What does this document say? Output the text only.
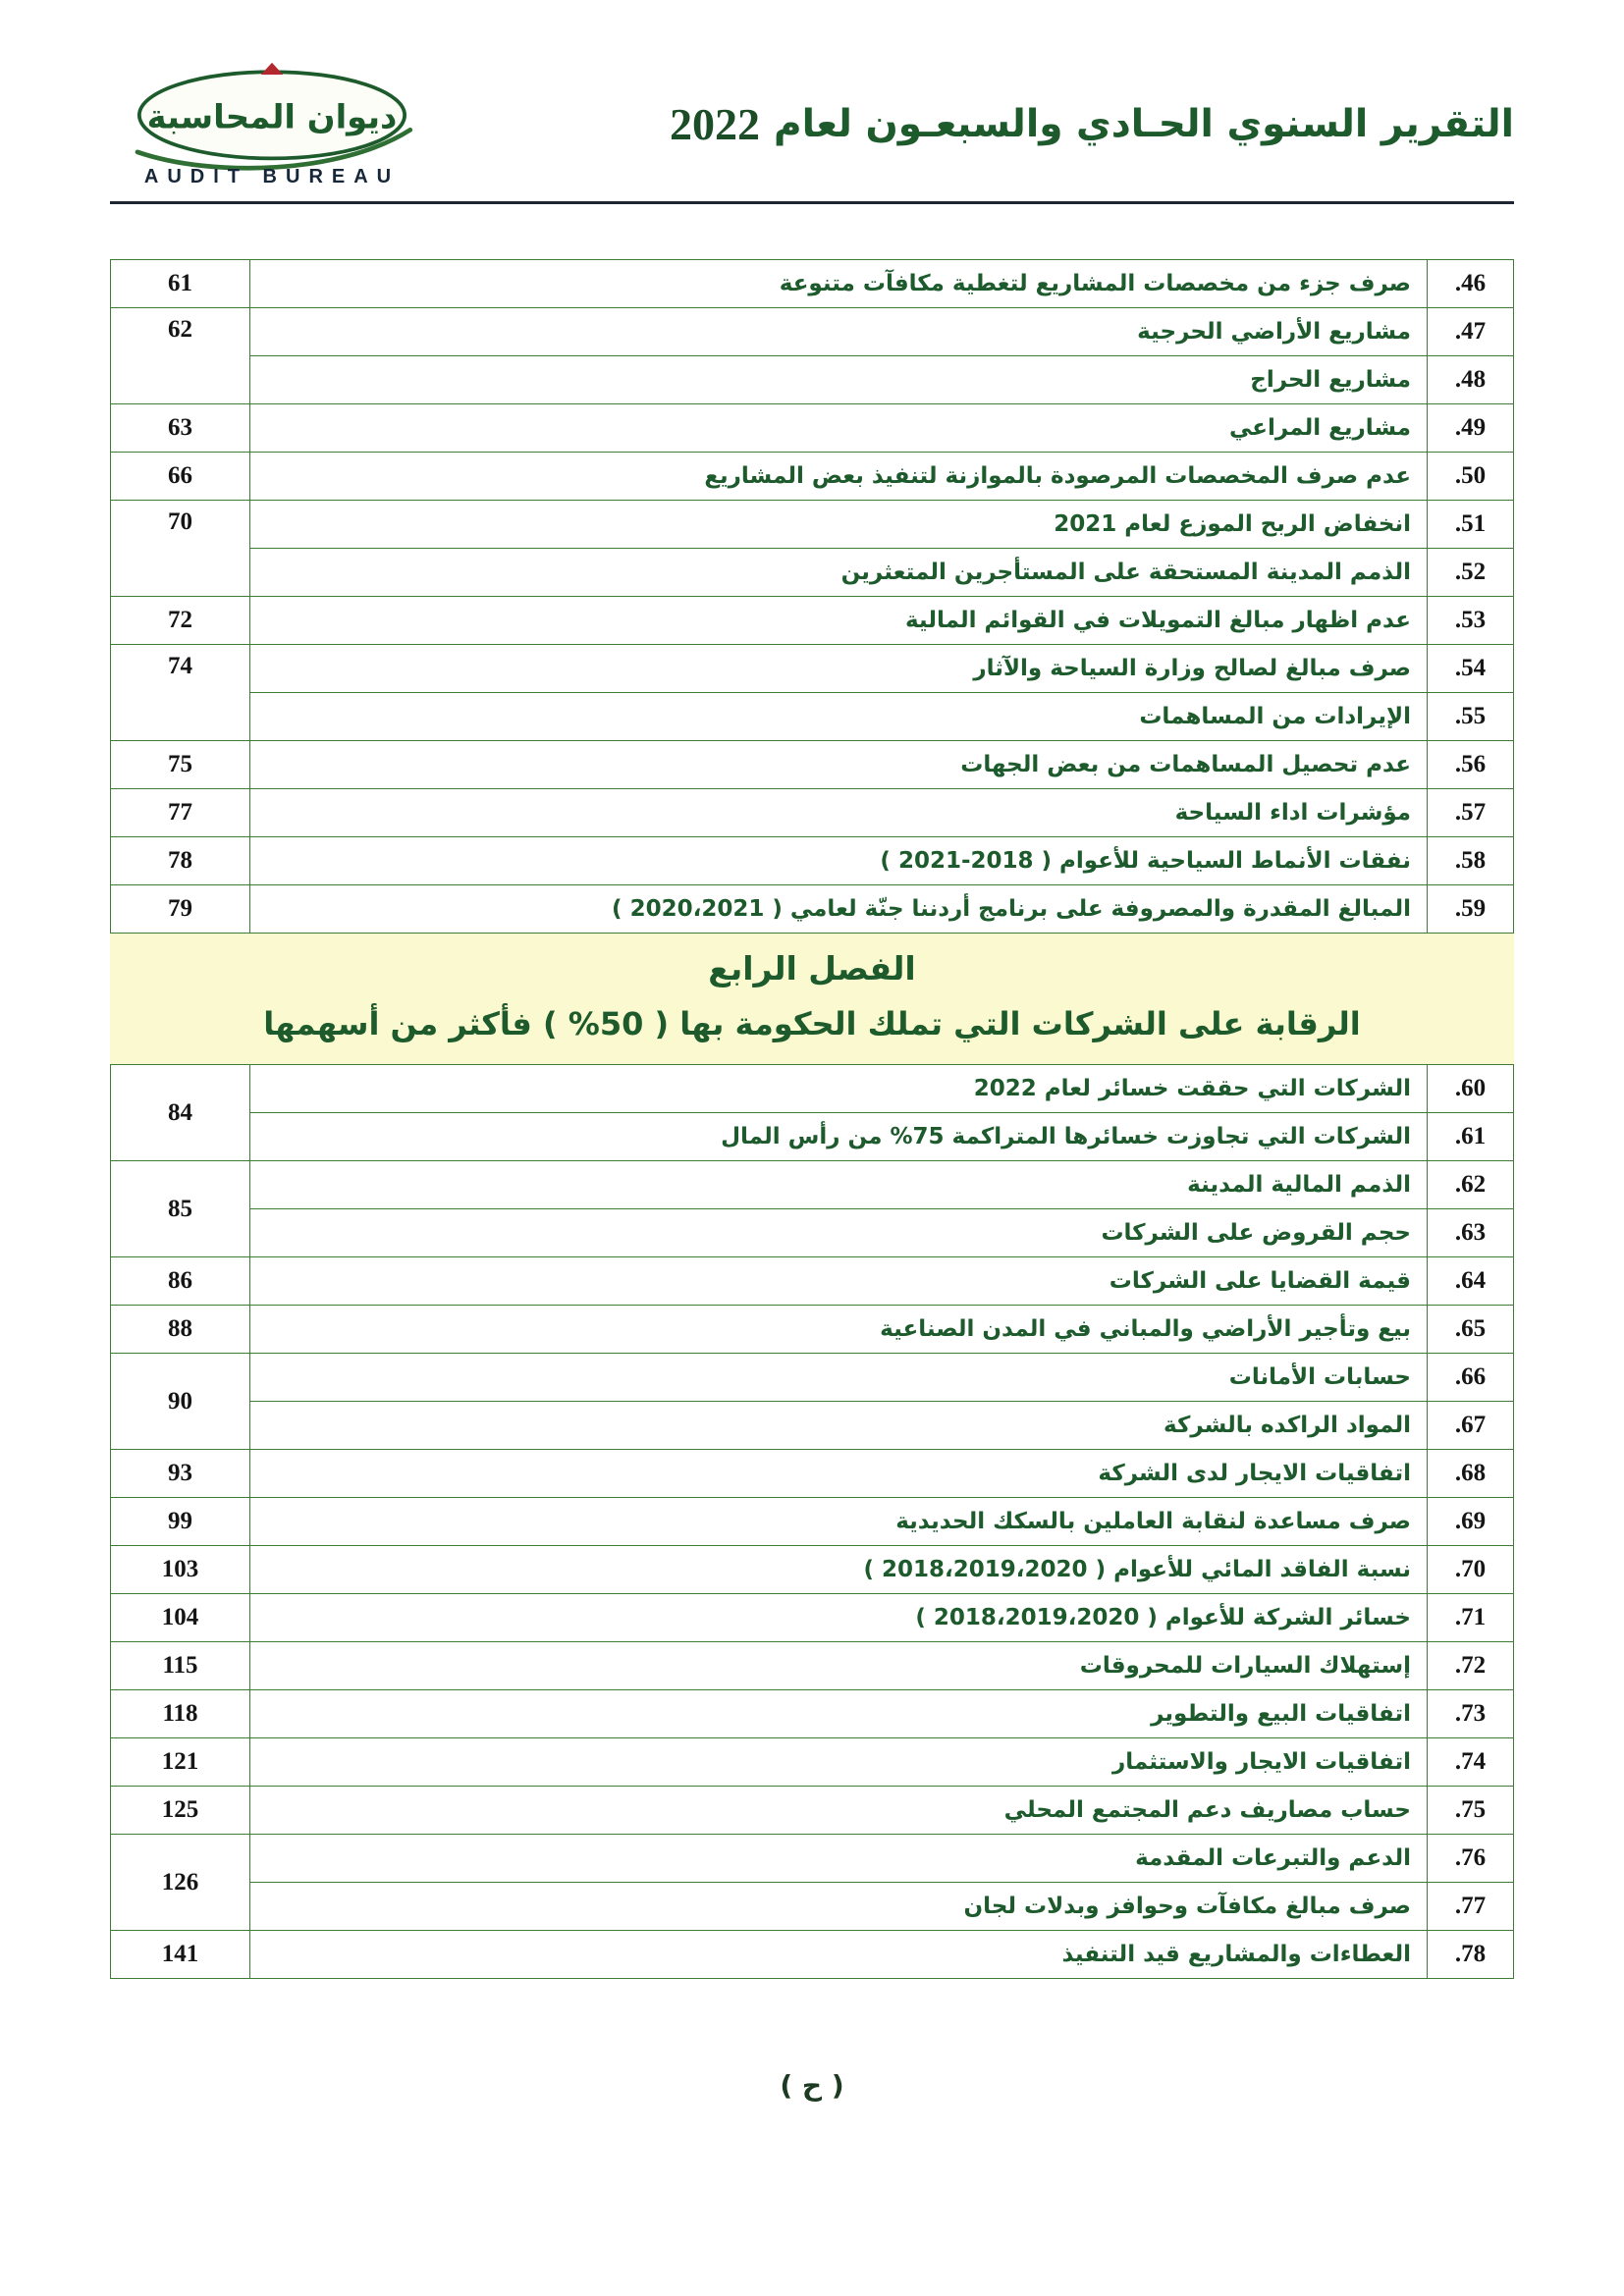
ديوان المحاسبة
AUDIT BUREAU
التقرير السنوي الحـادي والسبعـون لعام
2022
.46	صرف جزء من مخصصات المشاريع لتغطية مكافآت متنوعة	61
.47	مشاريع الأراضي الحرجية	62
.48	مشاريع الحراج	
.49	مشاريع المراعي	63
.50	عدم صرف المخصصات المرصودة بالموازنة لتنفيذ بعض المشاريع	66
.51	انخفاض الربح الموزع لعام 2021	70
.52	الذمم المدينة المستحقة على المستأجرين المتعثرين	
.53	عدم اظهار مبالغ التمويلات في القوائم المالية	72
.54	صرف مبالغ لصالح وزارة السياحة والآثار	74
.55	الإيرادات من المساهمات	
.56	عدم تحصيل المساهمات من بعض الجهات	75
.57	مؤشرات اداء السياحة	77
.58	نفقات الأنماط السياحية للأعوام ( 2018-2021 )	78
.59	المبالغ المقدرة والمصروفة على برنامج أردننا جنّة لعامي ( 2020،2021 )	79
الفصل الرابع
الرقابة على الشركات التي تملك الحكومة بها ( 50% ) فأكثر من أسهمها
.60	الشركات التي حققت خسائر لعام 2022	84
.61	الشركات التي تجاوزت خسائرها المتراكمة 75% من رأس المال	
.62	الذمم المالية المدينة	85
.63	حجم القروض على الشركات	
.64	قيمة القضايا على الشركات	86
.65	بيع وتأجير الأراضي والمباني في المدن الصناعية	88
.66	حسابات الأمانات	90
.67	المواد الراكده بالشركة	
.68	اتفاقيات الايجار لدى الشركة	93
.69	صرف مساعدة لنقابة العاملين بالسكك الحديدية	99
.70	نسبة الفاقد المائي للأعوام ( 2018،2019،2020 )	103
.71	خسائر الشركة للأعوام ( 2018،2019،2020 )	104
.72	إستهلاك السيارات للمحروقات	115
.73	اتفاقيات البيع والتطوير	118
.74	اتفاقيات الايجار والاستثمار	121
.75	حساب مصاريف دعم المجتمع المحلي	125
.76	الدعم والتبرعات المقدمة	126
.77	صرف مبالغ مكافآت وحوافز وبدلات لجان	
.78	العطاءات والمشاريع قيد التنفيذ	141
( ح )
